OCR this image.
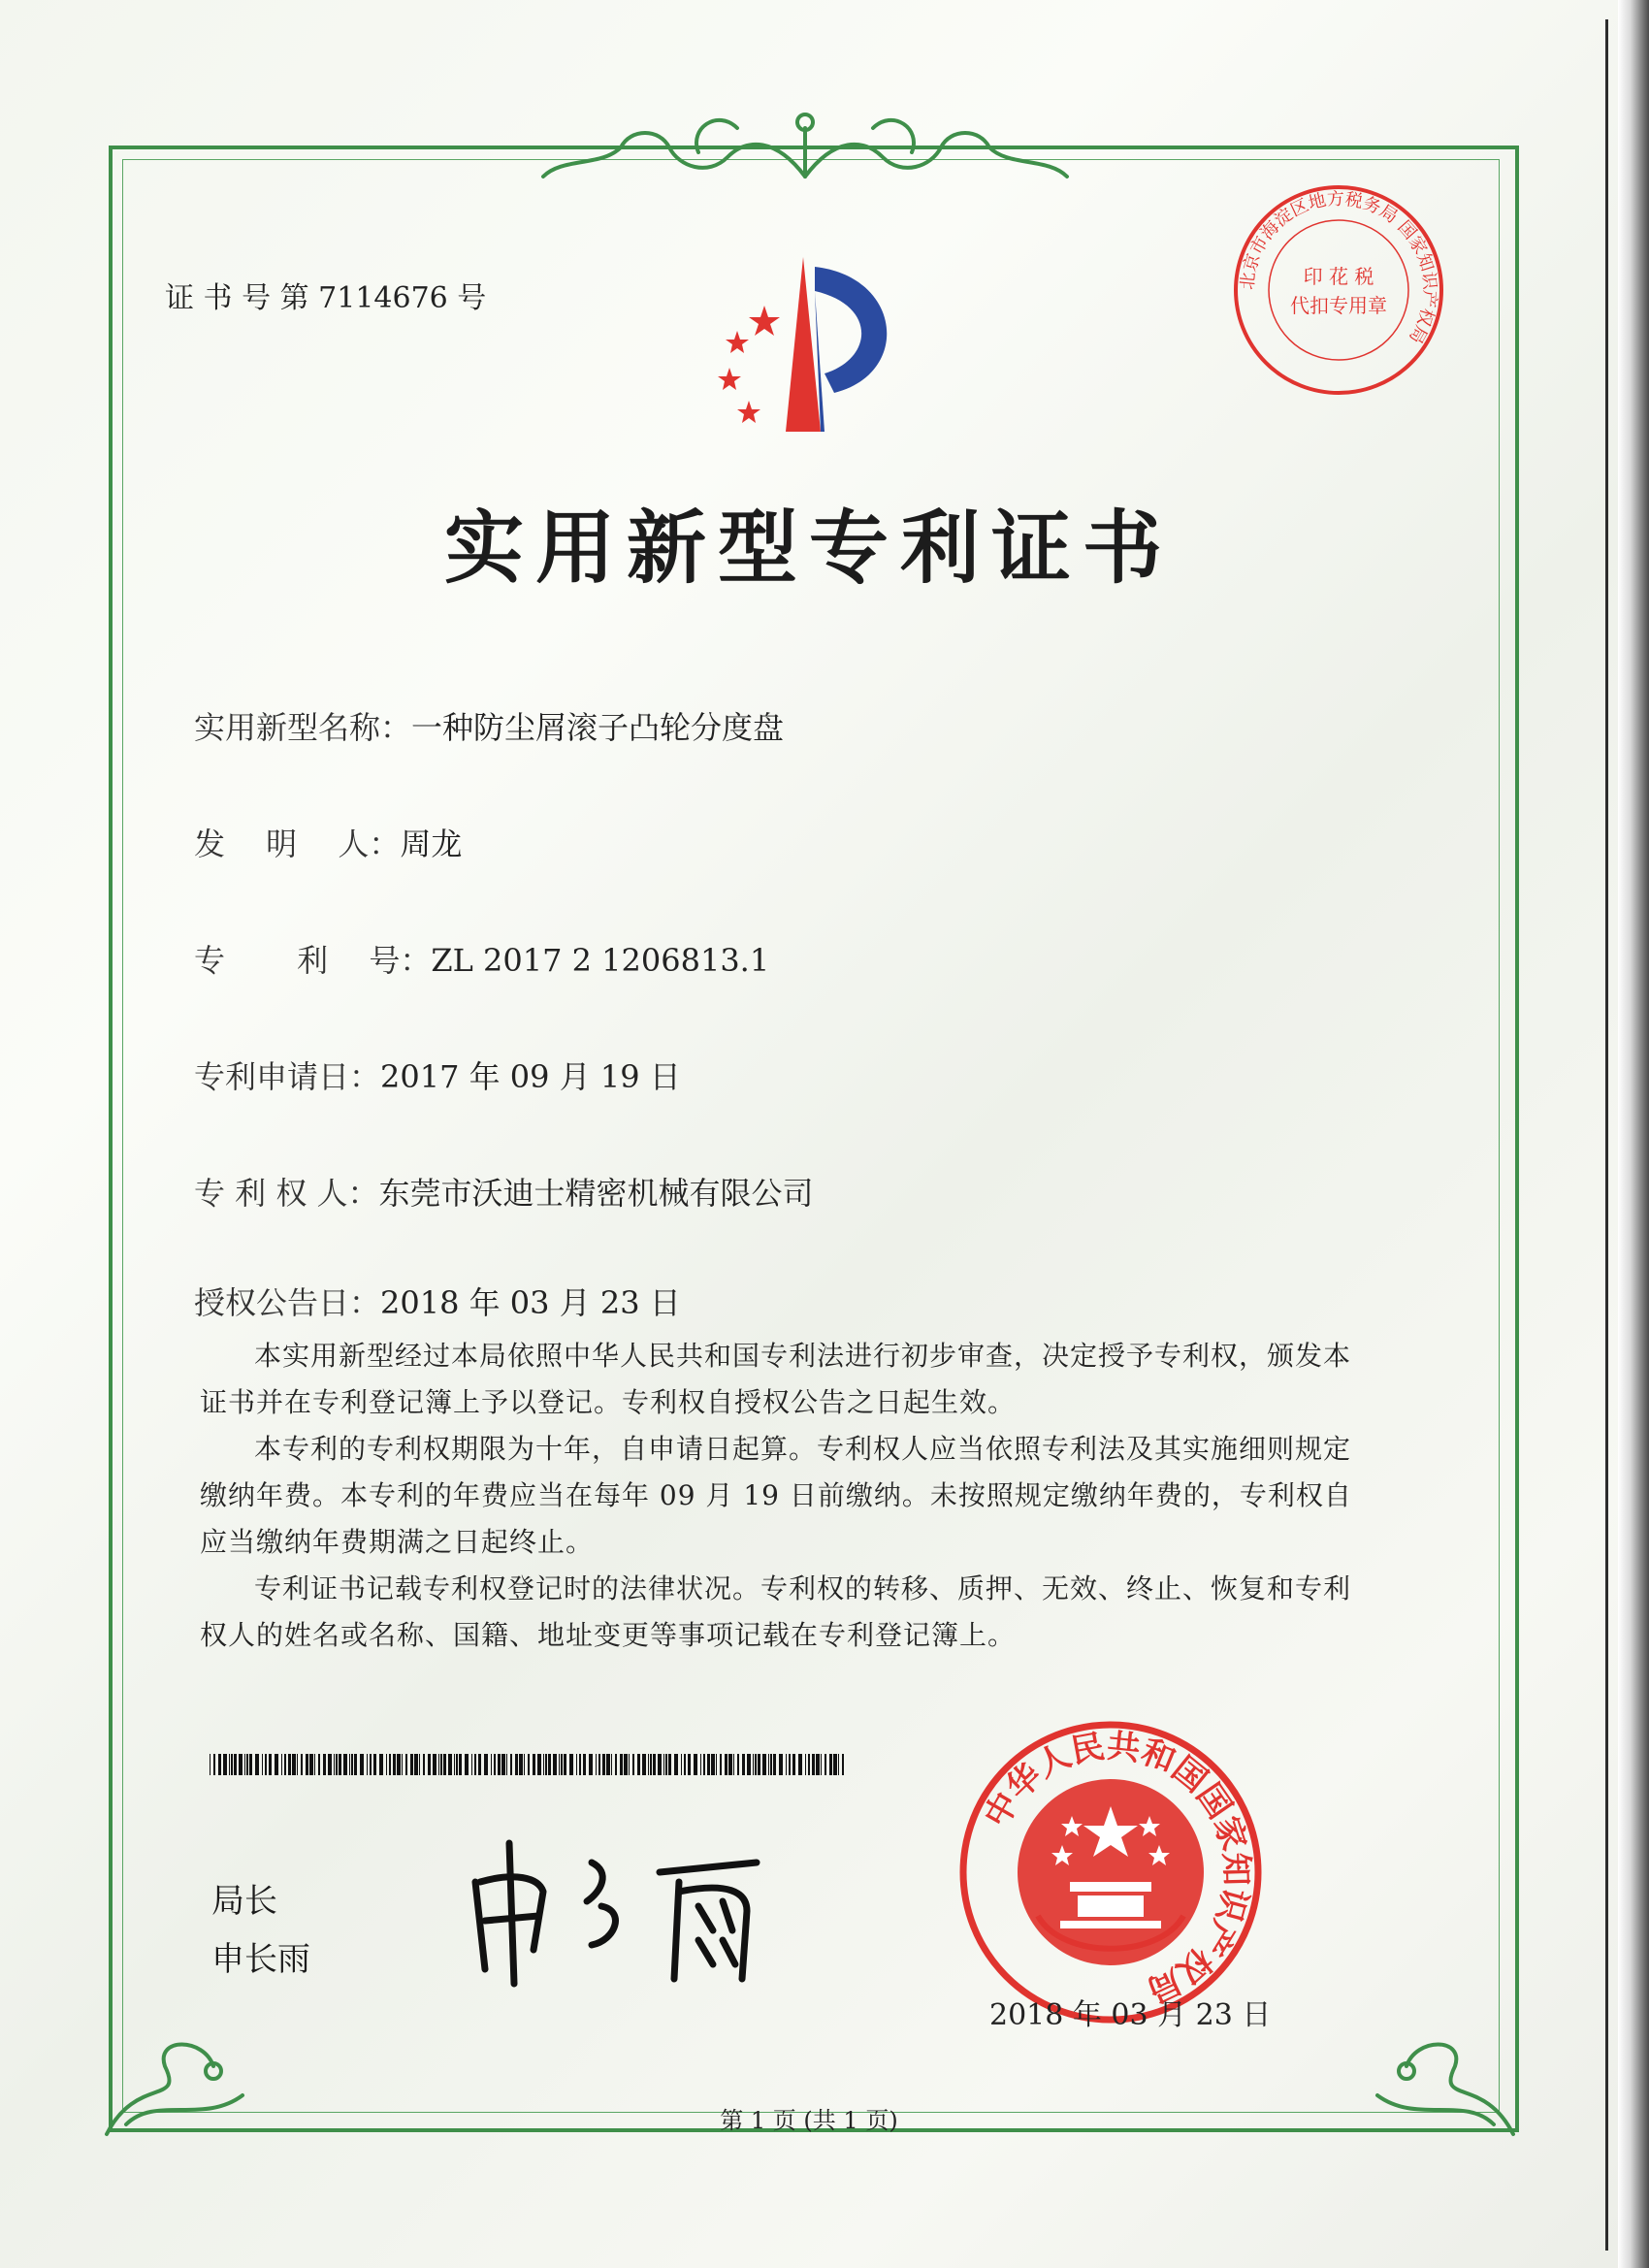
证 书 号 第 7114676 号
北京市海淀区地方税务局 国家知识产权局
印 花 税
代扣专用章
实用新型专利证书
实用新型名称：一种防尘屑滚子凸轮分度盘
发　 明　 人：周龙
专　　 利　 号：ZL 2017 2 1206813.1
专利申请日：2017 年 09 月 19 日
专 利 权 人：东莞市沃迪士精密机械有限公司
授权公告日：2018 年 03 月 23 日

本实用新型经过本局依照中华人民共和国专利法进行初步审查，决定授予专利权，颁发本证书并在专利登记簿上予以登记。专利权自授权公告之日起生效。

本专利的专利权期限为十年，自申请日起算。专利权人应当依照专利法及其实施细则规定缴纳年费。本专利的年费应当在每年 09 月 19 日前缴纳。未按照规定缴纳年费的，专利权自应当缴纳年费期满之日起终止。

专利证书记载专利权登记时的法律状况。专利权的转移、质押、无效、终止、恢复和专利权人的姓名或名称、国籍、地址变更等事项记载在专利登记簿上。

局长
申长雨
中华人民共和国国家知识产权局
2018 年 03 月 23 日
第 1 页 (共 1 页)
